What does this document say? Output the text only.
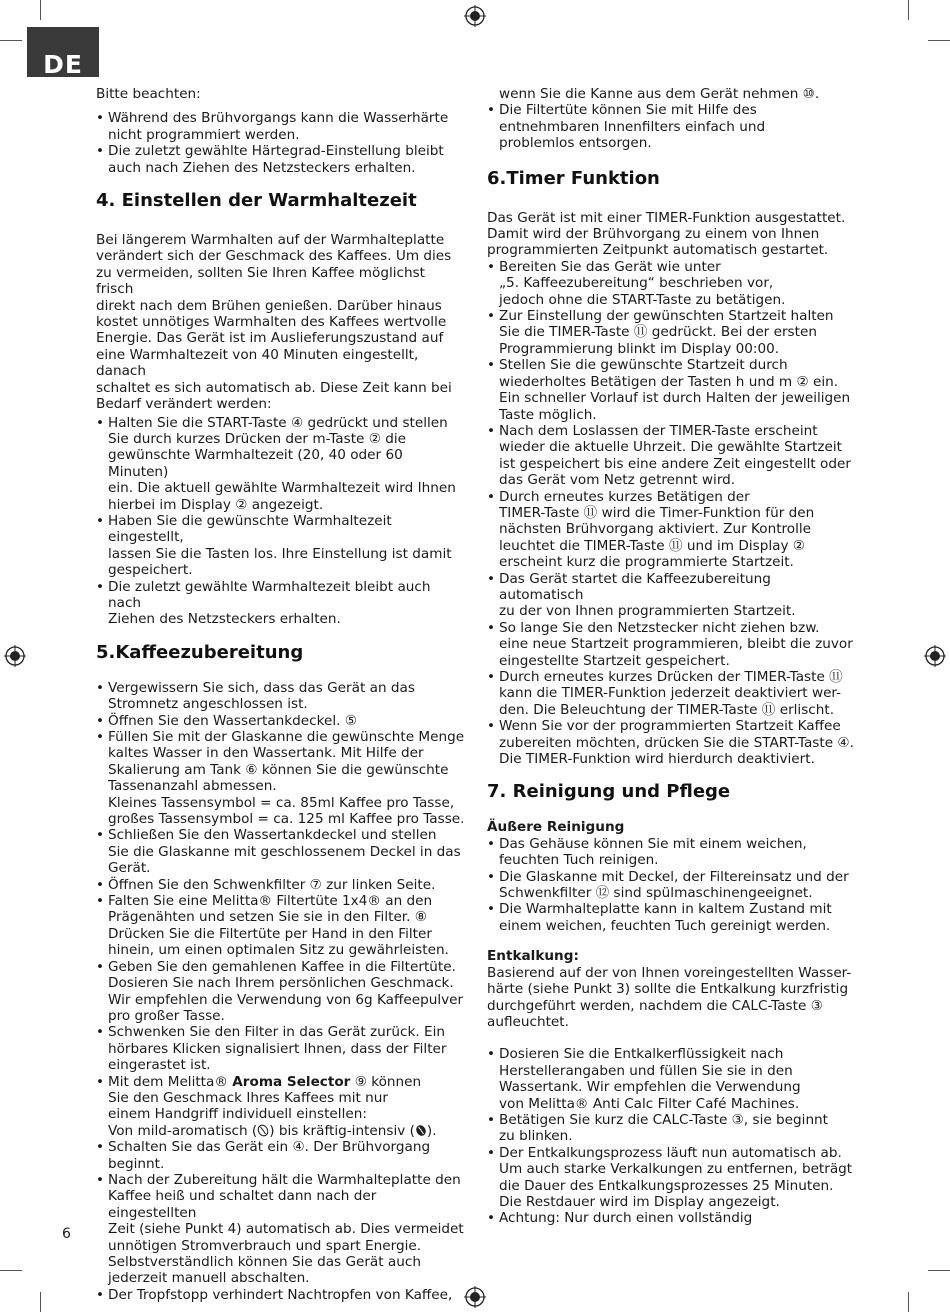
DE

Bitte beachten:

• Während des Brühvorgangs kann die Wasserhärte
nicht programmiert werden.
• Die zuletzt gewählte Härtegrad-Einstellung bleibt
auch nach Ziehen des Netzsteckers erhalten.
4. Einstellen der Warmhaltezeit

Bei längerem Warmhalten auf der Warmhalteplatte
verändert sich der Geschmack des Kaffees. Um dies
zu vermeiden, sollten Sie Ihren Kaffee möglichst frisch
direkt nach dem Brühen genießen. Darüber hinaus
kostet unnötiges Warmhalten des Kaffees wertvolle
Energie. Das Gerät ist im Auslieferungszustand auf
eine Warmhaltezeit von 40 Minuten eingestellt, danach
schaltet es sich automatisch ab. Diese Zeit kann bei
Bedarf verändert werden:

• Halten Sie die START-Taste ④ gedrückt und stellen
Sie durch kurzes Drücken der m-Taste ② die
gewünschte Warmhaltezeit (20, 40 oder 60 Minuten)
ein. Die aktuell gewählte Warmhaltezeit wird Ihnen
hierbei im Display ② angezeigt.
• Haben Sie die gewünschte Warmhaltezeit eingestellt,
lassen Sie die Tasten los. Ihre Einstellung ist damit
gespeichert.
• Die zuletzt gewählte Warmhaltezeit bleibt auch nach
Ziehen des Netzsteckers erhalten.
5.Kaffeezubereitung
• Vergewissern Sie sich, dass das Gerät an das
Stromnetz angeschlossen ist.
• Öffnen Sie den Wassertankdeckel. ⑤
• Füllen Sie mit der Glaskanne die gewünschte Menge
kaltes Wasser in den Wassertank. Mit Hilfe der
Skalierung am Tank ⑥ können Sie die gewünschte
Tassenanzahl abmessen.
Kleines Tassensymbol = ca. 85ml Kaffee pro Tasse,
großes Tassensymbol = ca. 125 ml Kaffee pro Tasse.
• Schließen Sie den Wassertankdeckel und stellen
Sie die Glaskanne mit geschlossenem Deckel in das
Gerät.
• Öffnen Sie den Schwenkfilter ⑦ zur linken Seite.
• Falten Sie eine Melitta® Filtertüte 1x4® an den
Prägenähten und setzen Sie sie in den Filter. ⑧
Drücken Sie die Filtertüte per Hand in den Filter
hinein, um einen optimalen Sitz zu gewährleisten.
• Geben Sie den gemahlenen Kaffee in die Filtertüte.
Dosieren Sie nach Ihrem persönlichen Geschmack.
Wir empfehlen die Verwendung von 6g Kaffeepulver
pro großer Tasse.
• Schwenken Sie den Filter in das Gerät zurück. Ein
hörbares Klicken signalisiert Ihnen, dass der Filter
eingerastet ist.
• Mit dem Melitta® Aroma Selector ⑨ können
Sie den Geschmack Ihres Kaffees mit nur
einem Handgriff individuell einstellen:
Von mild-aromatisch ( ) bis kräftig-intensiv ( ).
• Schalten Sie das Gerät ein ④. Der Brühvorgang
beginnt.
• Nach der Zubereitung hält die Warmhalteplatte den
Kaffee heiß und schaltet dann nach der eingestellten
Zeit (siehe Punkt 4) automatisch ab. Dies vermeidet
unnötigen Stromverbrauch und spart Energie.
Selbstverständlich können Sie das Gerät auch
jederzeit manuell abschalten.
• Der Tropfstopp verhindert Nachtropfen von Kaffee,

wenn Sie die Kanne aus dem Gerät nehmen ⑩.

• Die Filtertüte können Sie mit Hilfe des
entnehmbaren Innenfilters einfach und
problemlos entsorgen.
6.Timer Funktion

Das Gerät ist mit einer TIMER-Funktion ausgestattet.
Damit wird der Brühvorgang zu einem von Ihnen
programmierten Zeitpunkt automatisch gestartet.

• Bereiten Sie das Gerät wie unter
„5. Kaffeezubereitung“ beschrieben vor,
jedoch ohne die START-Taste zu betätigen.
• Zur Einstellung der gewünschten Startzeit halten
Sie die TIMER-Taste ⑪ gedrückt. Bei der ersten
Programmierung blinkt im Display 00:00.
• Stellen Sie die gewünschte Startzeit durch
wiederholtes Betätigen der Tasten h und m ② ein.
Ein schneller Vorlauf ist durch Halten der jeweiligen
Taste möglich.
• Nach dem Loslassen der TIMER-Taste erscheint
wieder die aktuelle Uhrzeit. Die gewählte Startzeit
ist gespeichert bis eine andere Zeit eingestellt oder
das Gerät vom Netz getrennt wird.
• Durch erneutes kurzes Betätigen der
TIMER-Taste ⑪ wird die Timer-Funktion für den
nächsten Brühvorgang aktiviert. Zur Kontrolle
leuchtet die TIMER-Taste ⑪ und im Display ②
erscheint kurz die programmierte Startzeit.
• Das Gerät startet die Kaffeezubereitung automatisch
zu der von Ihnen programmierten Startzeit.
• So lange Sie den Netzstecker nicht ziehen bzw.
eine neue Startzeit programmieren, bleibt die zuvor
eingestellte Startzeit gespeichert.
• Durch erneutes kurzes Drücken der TIMER-Taste ⑪
kann die TIMER-Funktion jederzeit deaktiviert wer-
den. Die Beleuchtung der TIMER-Taste ⑪ erlischt.
• Wenn Sie vor der programmierten Startzeit Kaffee
zubereiten möchten, drücken Sie die START-Taste ④.
Die TIMER-Funktion wird hierdurch deaktiviert.
7. Reinigung und Pflege
Äußere Reinigung
• Das Gehäuse können Sie mit einem weichen,
feuchten Tuch reinigen.
• Die Glaskanne mit Deckel, der Filtereinsatz und der
Schwenkfilter ⑫ sind spülmaschinengeeignet.
• Die Warmhalteplatte kann in kaltem Zustand mit
einem weichen, feuchten Tuch gereinigt werden.
Entkalkung:

Basierend auf der von Ihnen voreingestellten Wasser-
härte (siehe Punkt 3) sollte die Entkalkung kurzfristig
durchgeführt werden, nachdem die CALC-Taste ③
aufleuchtet.

• Dosieren Sie die Entkalkerflüssigkeit nach
Herstellerangaben und füllen Sie sie in den
Wassertank. Wir empfehlen die Verwendung
von Melitta® Anti Calc Filter Café Machines.
• Betätigen Sie kurz die CALC-Taste ③, sie beginnt
zu blinken.
• Der Entkalkungsprozess läuft nun automatisch ab.
Um auch starke Verkalkungen zu entfernen, beträgt
die Dauer des Entkalkungsprozesses 25 Minuten.
Die Restdauer wird im Display angezeigt.
• Achtung: Nur durch einen vollständig
6
